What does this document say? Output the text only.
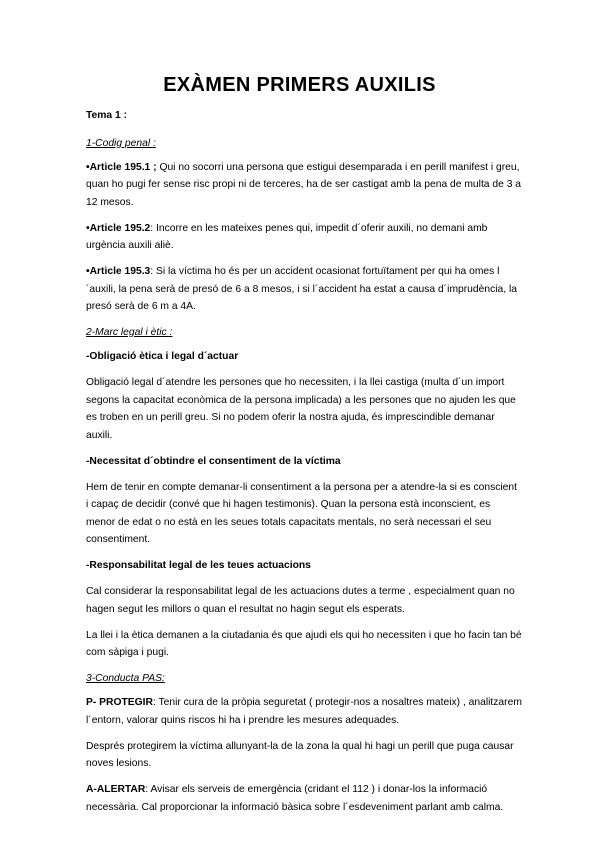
EXÀMEN PRIMERS AUXILIS

Tema 1 :

1-Codig penal :

•Article 195.1 ; Qui no socorri una persona que estigui desemparada i en perill manifest i greu, quan ho pugi fer sense risc propi ni de terceres, ha de ser castigat amb la pena de multa de 3 a 12 mesos.

•Article 195.2: Incorre en les mateixes penes qui, impedit d´oferir auxili, no demani amb urgència auxili aliè.

•Article 195.3: Si la víctima ho és per un accident ocasionat fortuïtament per qui ha omes l´auxili, la pena serà de presó de 6 a 8 mesos, i si l´accident ha estat a causa d´imprudència, la presó serà de 6 m a 4A.

2-Marc legal i ètic :

-Obligació ètica i legal d´actuar

Obligació legal d´atendre les persones que ho necessiten, i la llei castiga (multa d´un import segons la capacitat econòmica de la persona implicada) a les persones que no ajuden les que es troben en un perill greu. Si no podem oferir la nostra ajuda, és imprescindible demanar auxili.

-Necessitat d´obtindre el consentiment de la víctima

Hem de tenir en compte demanar-li consentiment a la persona per a atendre-la si es conscient i capaç de decidir (convé que hi hagen testimonis). Quan la persona està inconscient, es menor de edat o no està en les seues totals capacitats mentals, no serà necessari el seu consentiment.

-Responsabilitat legal de les teues actuacions

Cal considerar la responsabilitat legal de les actuacions dutes a terme , especialment quan no hagen segut les millors o quan el resultat no hagin segut els esperats.

La llei i la ètica demanen a la ciutadania és que ajudi els qui ho necessiten i que ho facin tan bé com sàpiga i pugi.

3-Conducta PAS:

P- PROTEGIR: Tenir cura de la pròpia seguretat ( protegir-nos a nosaltres mateix) , analitzarem l´entorn, valorar quins riscos hi ha i prendre les mesures adequades.

Després protegirem la víctima allunyant-la de la zona la qual hi hagi un perill que puga causar noves lesions.

A-ALERTAR: Avisar els serveis de emergència (cridant el 112 ) i donar-los la informació necessària. Cal proporcionar la informació bàsica sobre l´esdeveniment parlant amb calma.
